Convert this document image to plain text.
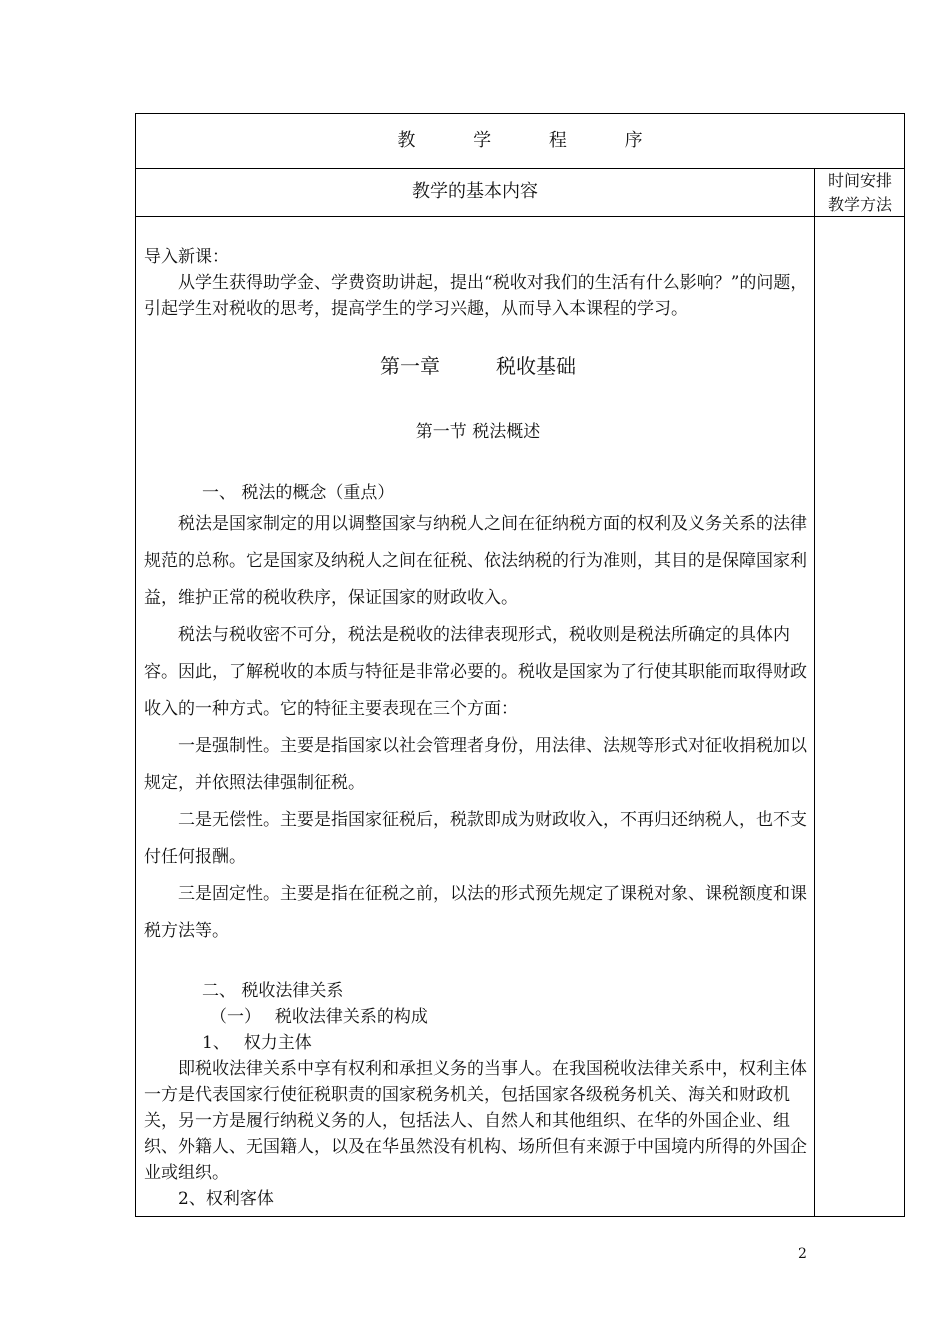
教 学 程 序
教学的基本内容
时间安排
教学方法

导入新课：

从学生获得助学金、学费资助讲起，提出“税收对我们的生活有什么影响？”的问题，引起学生对税收的思考，提高学生的学习兴趣，从而导入本课程的学习。

第一章	税收基础

第一节 税法概述

一、 税法的概念（重点）

税法是国家制定的用以调整国家与纳税人之间在征纳税方面的权利及义务关系的法律规范的总称。它是国家及纳税人之间在征税、依法纳税的行为准则，其目的是保障国家利益，维护正常的税收秩序，保证国家的财政收入。

税法与税收密不可分，税法是税收的法律表现形式，税收则是税法所确定的具体内容。因此，了解税收的本质与特征是非常必要的。税收是国家为了行使其职能而取得财政收入的一种方式。它的特征主要表现在三个方面：

一是强制性。主要是指国家以社会管理者身份，用法律、法规等形式对征收捐税加以规定，并依照法律强制征税。

二是无偿性。主要是指国家征税后，税款即成为财政收入，不再归还纳税人，也不支付任何报酬。

三是固定性。主要是指在征税之前，以法的形式预先规定了课税对象、课税额度和课税方法等。

二、 税收法律关系

（一）　 税收法律关系的构成

1、　 权力主体

即税收法律关系中享有权利和承担义务的当事人。在我国税收法律关系中，权利主体一方是代表国家行使征税职责的国家税务机关，包括国家各级税务机关、海关和财政机关，另一方是履行纳税义务的人，包括法人、自然人和其他组织、在华的外国企业、组织、外籍人、无国籍人，以及在华虽然没有机构、场所但有来源于中国境内所得的外国企业或组织。

2、权利客体

2
